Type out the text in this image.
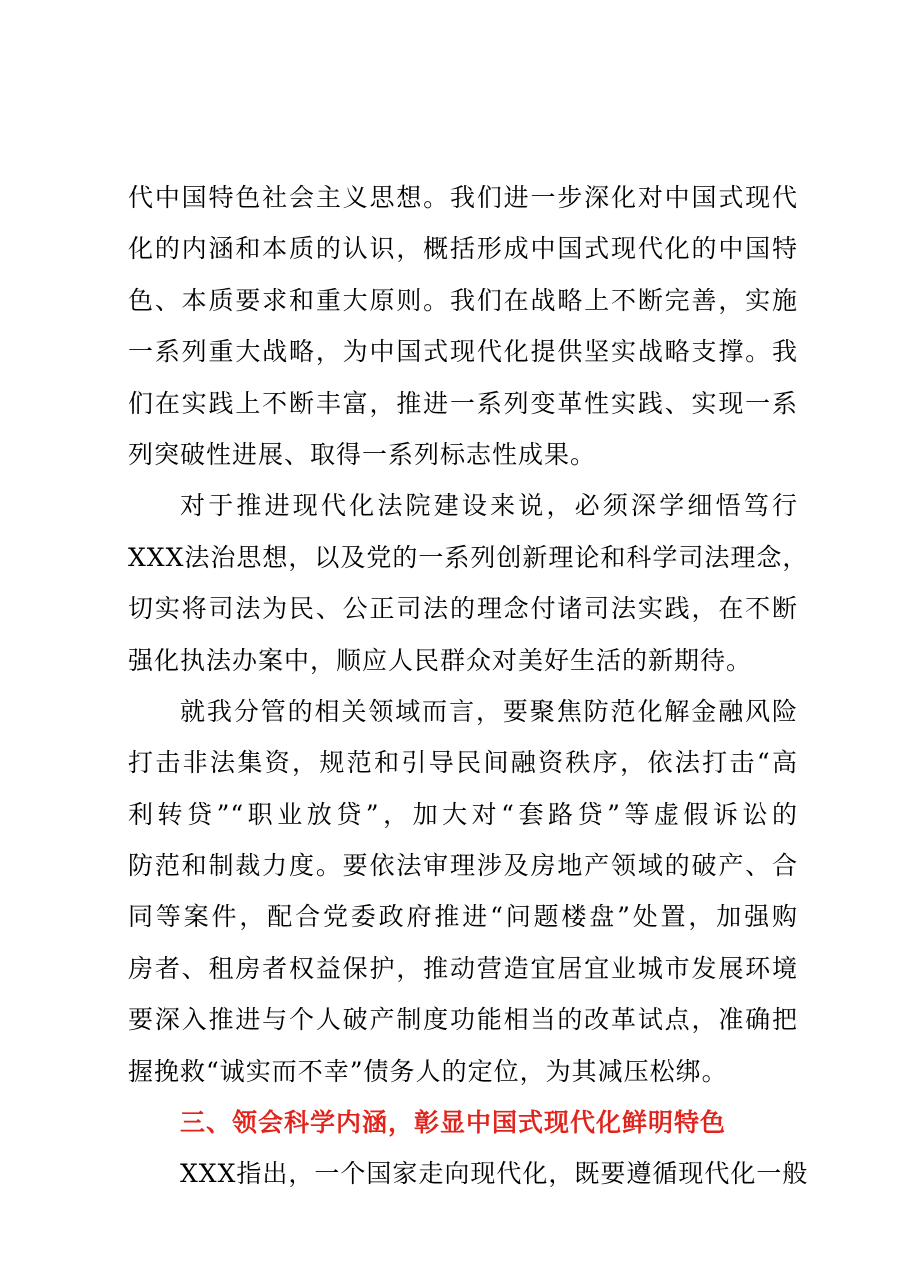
代中国特色社会主义思想。我们进一步深化对中国式现代
化的内涵和本质的认识，概括形成中国式现代化的中国特
色、本质要求和重大原则。我们在战略上不断完善，实施
一系列重大战略，为中国式现代化提供坚实战略支撑。我
们在实践上不断丰富，推进一系列变革性实践、实现一系
列突破性进展、取得一系列标志性成果。
对于推进现代化法院建设来说，必须深学细悟笃行
XXX法治思想，以及党的一系列创新理论和科学司法理念，
切实将司法为民、公正司法的理念付诸司法实践，在不断
强化执法办案中，顺应人民群众对美好生活的新期待。
就我分管的相关领域而言，要聚焦防范化解金融风险
打击非法集资，规范和引导民间融资秩序，依法打击“高
利转贷”“职业放贷”，加大对“套路贷”等虚假诉讼的
防范和制裁力度。要依法审理涉及房地产领域的破产、合
同等案件，配合党委政府推进“问题楼盘”处置，加强购
房者、租房者权益保护，推动营造宜居宜业城市发展环境
要深入推进与个人破产制度功能相当的改革试点，准确把
握挽救“诚实而不幸”债务人的定位，为其减压松绑。
三、领会科学内涵，彰显中国式现代化鲜明特色
XXX指出，一个国家走向现代化，既要遵循现代化一般
